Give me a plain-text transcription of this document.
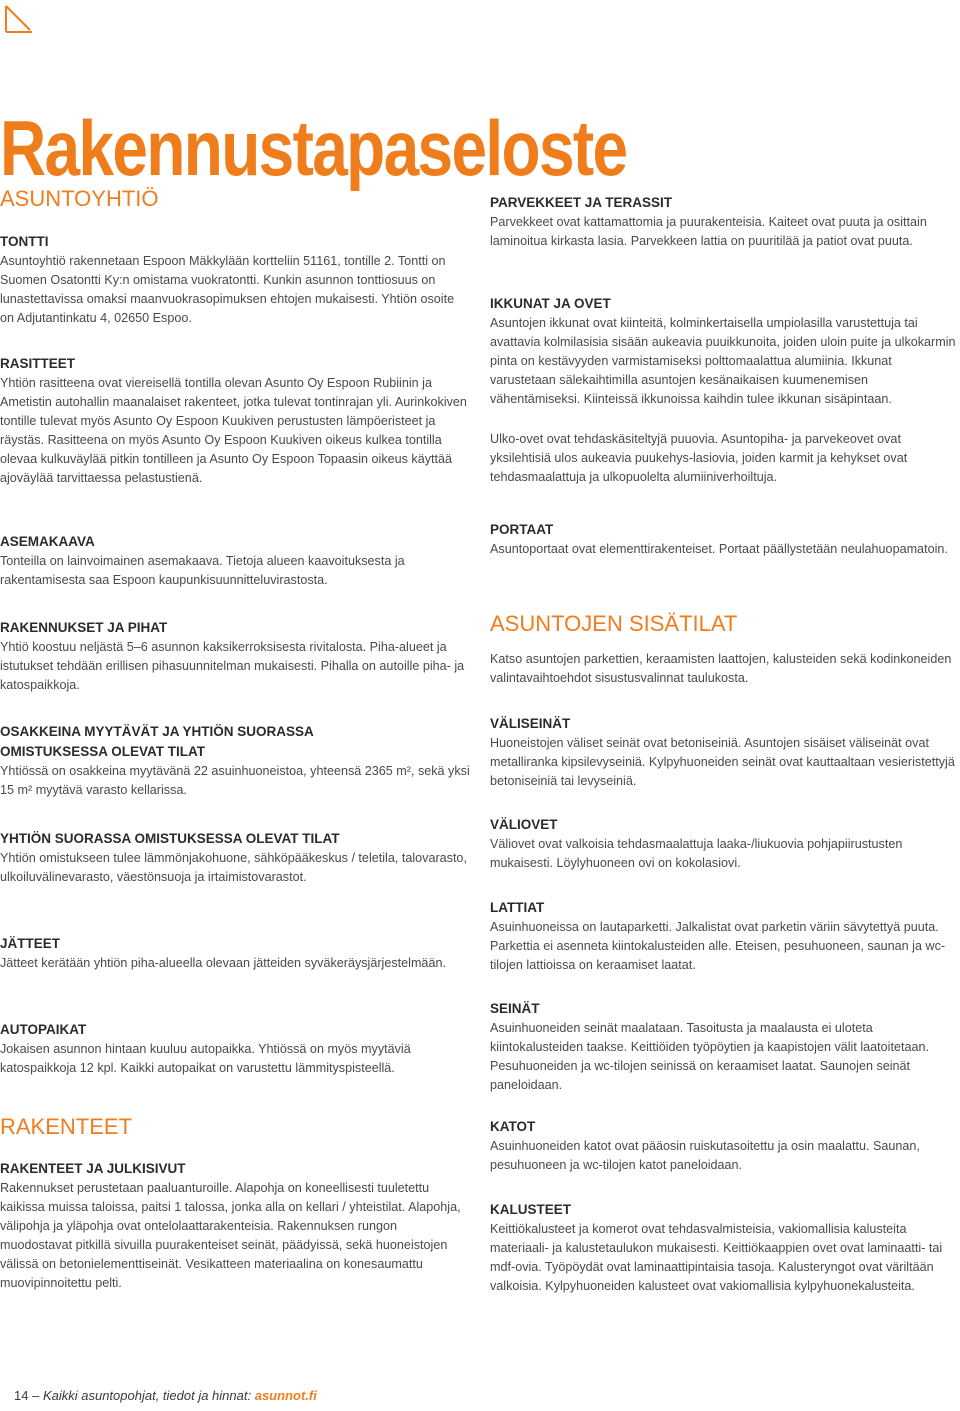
Rakennustapaseloste
ASUNTOYHTIÖ
TONTTI

Asuntoyhtiö rakennetaan Espoon Mäkkylään kortteliin 51161, tontille 2. Tontti on Suomen Osatontti Ky:n omistama vuokratontti. Kunkin asunnon tonttiosuus on lunastettavissa omaksi maanvuokrasopimuksen ehtojen mukaisesti. Yhtiön osoite on Adjutantinkatu 4, 02650 Espoo.

RASITTEET

Yhtiön rasitteena ovat viereisellä tontilla olevan Asunto Oy Espoon Rubiinin ja Ametistin autohallin maanalaiset rakenteet, jotka tulevat tontinrajan yli. Aurinkokiven tontille tulevat myös Asunto Oy Espoon Kuukiven perustusten lämpöeristeet ja räystäs. Rasitteena on myös Asunto Oy Espoon Kuukiven oikeus kulkea tontilla olevaa kulkuväylää pitkin tontilleen ja Asunto Oy Espoon Topaasin oikeus käyttää ajoväylää tarvittaessa pelastustienä.

ASEMAKAAVA

Tonteilla on lainvoimainen asemakaava. Tietoja alueen kaavoituksesta ja rakentamisesta saa Espoon kaupunkisuunnitteluvirastosta.

RAKENNUKSET JA PIHAT

Yhtiö koostuu neljästä 5–6 asunnon kaksikerroksisesta rivitalosta. Piha-alueet ja istutukset tehdään erillisen pihasuunnitelman mukaisesti. Pihalla on autoille piha- ja katospaikkoja.

OSAKKEINA MYYTÄVÄT JA YHTIÖN SUORASSA OMISTUKSESSA OLEVAT TILAT

Yhtiössä on osakkeina myytävänä 22 asuinhuoneistoa, yhteensä 2365 m², sekä yksi 15 m² myytävä varasto kellarissa.

YHTIÖN SUORASSA OMISTUKSESSA OLEVAT TILAT

Yhtiön omistukseen tulee lämmönjakohuone, sähköpääkeskus / teletila, talovarasto, ulkoiluvälinevarasto, väestönsuoja ja irtaimistovarastot.

JÄTTEET

Jätteet kerätään yhtiön piha-alueella olevaan jätteiden syväkeräysjärjestelmään.

AUTOPAIKAT

Jokaisen asunnon hintaan kuuluu autopaikka. Yhtiössä on myös myytäviä katospaikkoja 12 kpl. Kaikki autopaikat on varustettu lämmityspisteellä.

RAKENTEET
RAKENTEET JA JULKISIVUT

Rakennukset perustetaan paaluanturoille. Alapohja on koneellisesti tuuletettu kaikissa muissa taloissa, paitsi 1 talossa, jonka alla on kellari / yhteistilat. Alapohja, välipohja ja yläpohja ovat ontelolaattarakenteisia. Rakennuksen rungon muodostavat pitkillä sivuilla puurakenteiset seinät, päädyissä, sekä huoneistojen välissä on betonielementtiseinät. Vesikatteen materiaalina on konesaumattu muovipinnoitettu pelti.

PARVEKKEET JA TERASSIT

Parvekkeet ovat kattamattomia ja puurakenteisia. Kaiteet ovat puuta ja osittain laminoitua kirkasta lasia. Parvekkeen lattia on puuritilää ja patiot ovat puuta.

IKKUNAT JA OVET

Asuntojen ikkunat ovat kiinteitä, kolminkertaisella umpiolasilla varustettuja tai avattavia kolmilasisia sisään aukeavia puuikkunoita, joiden uloin puite ja ulkokarmin pinta on kestävyyden varmistamiseksi polttomaalattua alumiinia. Ikkunat varustetaan sälekaihtimilla asuntojen kesänaikaisen kuumenemisen vähentämiseksi. Kiinteissä ikkunoissa kaihdin tulee ikkunan sisäpintaan.

Ulko-ovet ovat tehdaskäsiteltyjä puuovia. Asuntopiha- ja parvekeovet ovat yksilehtisiä ulos aukeavia puukehys-lasiovia, joiden karmit ja kehykset ovat tehdasmaalattuja ja ulkopuolelta alumiiniverhoiltuja.

PORTAAT

Asuntoportaat ovat elementtirakenteiset. Portaat päällystetään neulahuopamatoin.

ASUNTOJEN SISÄTILAT

Katso asuntojen parkettien, keraamisten laattojen, kalusteiden sekä kodinkoneiden valintavaihtoehdot sisustusvalinnat taulukosta.

VÄLISEINÄT

Huoneistojen väliset seinät ovat betoniseiniä. Asuntojen sisäiset väliseinät ovat metalliranka kipsilevyseiniä. Kylpyhuoneiden seinät ovat kauttaaltaan vesieristettyjä betoniseiniä tai levyseiniä.

VÄLIOVET

Väliovet ovat valkoisia tehdasmaalattuja laaka-/liukuovia pohjapiirustusten mukaisesti. Löylyhuoneen ovi on kokolasiovi.

LATTIAT

Asuinhuoneissa on lautaparketti. Jalkalistat ovat parketin väriin sävytettyä puuta. Parkettia ei asenneta kiintokalusteiden alle. Eteisen, pesuhuoneen, saunan ja wc-tilojen lattioissa on keraamiset laatat.

SEINÄT

Asuinhuoneiden seinät maalataan. Tasoitusta ja maalausta ei uloteta kiintokalusteiden taakse. Keittiöiden työpöytien ja kaapistojen välit laatoitetaan. Pesuhuoneiden ja wc-tilojen seinissä on keraamiset laatat. Saunojen seinät paneloidaan.

KATOT

Asuinhuoneiden katot ovat pääosin ruiskutasoitettu ja osin maalattu. Saunan, pesuhuoneen ja wc-tilojen katot paneloidaan.

KALUSTEET

Keittiökalusteet ja komerot ovat tehdasvalmisteisia, vakiomallisia kalusteita materiaali- ja kalustetaulukon mukaisesti. Keittiökaappien ovet ovat laminaatti- tai mdf-ovia. Työpöydät ovat laminaattipintaisia tasoja. Kalusteryngot ovat väriltään valkoisia. Kylpyhuoneiden kalusteet ovat vakiomallisia kylpyhuonekalusteita.

14 – Kaikki asuntopohjat, tiedot ja hinnat: asunnot.fi
